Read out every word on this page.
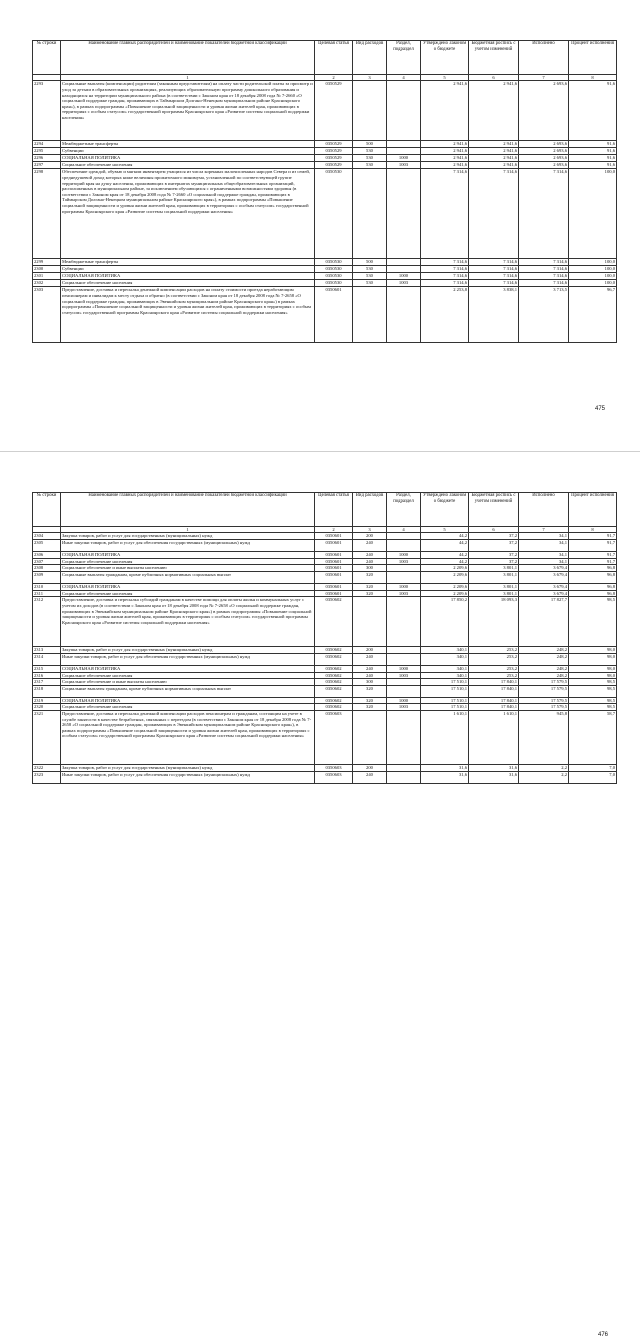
№ строки	Наименование главных распорядителей и наименование показателей бюджетной классификации	Целевая статья	Вид расходов	Раздел, подраздел	Утверждено Законом о бюджете	Бюджетная роспись с учетом изменений	Исполнено	Процент исполнения
	1	2	3	4	5	6	7	8
2293	Социальные выплаты (компенсации) родителям (законным представителям) на оплату части родительской платы за присмотр и уход за детьми в образовательных организациях, реализующих образовательную программу дошкольного образования и находящихся на территории муниципального района (в соответствии с Законом края от 18 декабря 2008 года № 7-2660 «О социальной поддержке граждан, проживающих в Таймырском Долгано-Ненецком муниципальном районе Красноярского края»), в рамках подпрограммы «Повышение социальной защищенности и уровня жизни жителей края, проживающих в территориях с особым статусом» государственной программы Красноярского края «Развитие системы социальной поддержки населения»	0350529			2 941,6	2 941,6	2 693,6	91,6
2294	Межбюджетные трансферты	0350529	500		2 941,6	2 941,6	2 693,6	91,6
2295	Субвенции	0350529	530		2 941,6	2 941,6	2 693,6	91,6
2296	СОЦИАЛЬНАЯ ПОЛИТИКА	0350529	530	1000	2 941,6	2 941,6	2 693,6	91,6
2297	Социальное обеспечение населения	0350529	530	1003	2 941,6	2 941,6	2 693,6	91,6
2298	Обеспечение одеждой, обувью и мягким инвентарем учащихся из числа коренных малочисленных народов Севера и из семей, среднедушевой доход которых ниже величины прожиточного минимума, установленной по соответствующей группе территорий края на душу населения, проживающих в интернатах муниципальных общеобразовательных организаций, расположенных в муниципальном районе, за исключением обучающихся с ограниченными возможностями здоровья (в соответствии с Законом края от 18 декабря 2008 года № 7-2660 «О социальной поддержке граждан, проживающих в Таймырском Долгано-Ненецком муниципальном районе Красноярского края»), в рамках подпрограммы «Повышение социальной защищенности и уровня жизни жителей края, проживающих в территориях с особым статусом» государственной программы Красноярского края «Развитие системы социальной поддержки населения»	0350530			7 314,6	7 314,6	7 314,6	100,0
2299	Межбюджетные трансферты	0350530	500		7 314,6	7 314,6	7 314,6	100,0
2300	Субвенции	0350530	530		7 314,6	7 314,6	7 314,6	100,0
2301	СОЦИАЛЬНАЯ ПОЛИТИКА	0350530	530	1000	7 314,6	7 314,6	7 314,6	100,0
2302	Социальное обеспечение населения	0350530	530	1003	7 314,6	7 314,6	7 314,6	100,0
2303	Предоставление, доставка и пересылка денежной компенсации расходов на оплату стоимости проезда неработающим пенсионерам и инвалидам к месту отдыха и обратно (в соответствии с Законом края от 18 декабря 2008 года № 7-2658 «О социальной поддержке граждан, проживающих в Эвенкийском муниципальном районе Красноярского края») в рамках подпрограммы «Повышение социальной защищенности и уровня жизни жителей края, проживающих в территориях с особым статусом» государственной программы Красноярского края «Развитие системы социальной поддержки населения»	0350601			2 253,8	3 838,1	3 713,5	96,7
475
№ строки	Наименование главных распорядителей и наименование показателей бюджетной классификации	Целевая статья	Вид расходов	Раздел, подраздел	Утверждено Законом о бюджете	Бюджетная роспись с учетом изменений	Исполнено	Процент исполнения
	1	2	3	4	5	6	7	8
2304	Закупка товаров, работ и услуг для государственных (муниципальных) нужд	0350601	200		44,2	37,2	34,1	91,7
2305	Иные закупки товаров, работ и услуг для обеспечения государственных (муниципальных) нужд	0350601	240		44,2	37,2	34,1	91,7
2306	СОЦИАЛЬНАЯ ПОЛИТИКА	0350601	240	1000	44,2	37,2	34,1	91,7
2307	Социальное обеспечение населения	0350601	240	1003	44,2	37,2	34,1	91,7
2308	Социальное обеспечение и иные выплаты населению	0350601	300		2 209,6	3 801,1	3 679,4	96,8
2309	Социальные выплаты гражданам, кроме публичных нормативных социальных выплат	0350601	320		2 209,6	3 801,1	3 679,4	96,8
2310	СОЦИАЛЬНАЯ ПОЛИТИКА	0350601	320	1000	2 209,6	3 801,1	3 679,4	96,8
2311	Социальное обеспечение населения	0350601	320	1003	2 209,6	3 801,1	3 679,4	96,8
2312	Предоставление, доставка и пересылка субсидий гражданам в качестве помощи для оплаты жилья и коммунальных услуг с учетом их доходов (в соответствии с Законом края от 18 декабря 2008 года № 7-2658 «О социальной поддержке граждан, проживающих в Эвенкийском муниципальном районе Красноярского края») в рамках подпрограммы «Повышение социальной защищенности и уровня жизни жителей края, проживающих в территориях с особым статусом» государственной программы Красноярского края «Развитие системы социальной поддержки населения»	0350602			17 850,2	18 093,3	17 827,7	98,5
2313	Закупка товаров, работ и услуг для государственных (муниципальных) нужд	0350602	200		340,1	253,2	248,2	98,0
2314	Иные закупки товаров, работ и услуг для обеспечения государственных (муниципальных) нужд	0350602	240		340,1	253,2	248,2	98,0
2315	СОЦИАЛЬНАЯ ПОЛИТИКА	0350602	240	1000	340,1	253,2	248,2	98,0
2316	Социальное обеспечение населения	0350602	240	1003	340,1	253,2	248,2	98,0
2317	Социальное обеспечение и иные выплаты населению	0350602	300		17 510,1	17 840,1	17 579,5	98,5
2318	Социальные выплаты гражданам, кроме публичных нормативных социальных выплат	0350602	320		17 510,1	17 840,1	17 579,5	98,5
2319	СОЦИАЛЬНАЯ ПОЛИТИКА	0350602	320	1000	17 510,1	17 840,1	17 579,5	98,5
2320	Социальное обеспечение населения	0350602	320	1003	17 510,1	17 840,1	17 579,5	98,5
2321	Предоставление, доставка и пересылка денежной компенсации расходов пенсионерам и гражданам, состоящим на учете в службе занятости в качестве безработных, связанных с переездом (в соответствии с Законом края от 18 декабря 2008 года № 7-2658 «О социальной поддержке граждан, проживающих в Эвенкийском муниципальном районе Красноярского края»), в рамках подпрограммы «Повышение социальной защищенности и уровня жизни жителей края, проживающих в территориях с особым статусом» государственной программы Красноярского края «Развитие системы социальной поддержки населения»	0350603			1 610,1	1 610,1	945,8	58,7
2322	Закупка товаров, работ и услуг для государственных (муниципальных) нужд	0350603	200		31,6	31,6	2,2	7,0
2323	Иные закупки товаров, работ и услуг для обеспечения государственных (муниципальных) нужд	0350603	240		31,6	31,6	2,2	7,0
476
